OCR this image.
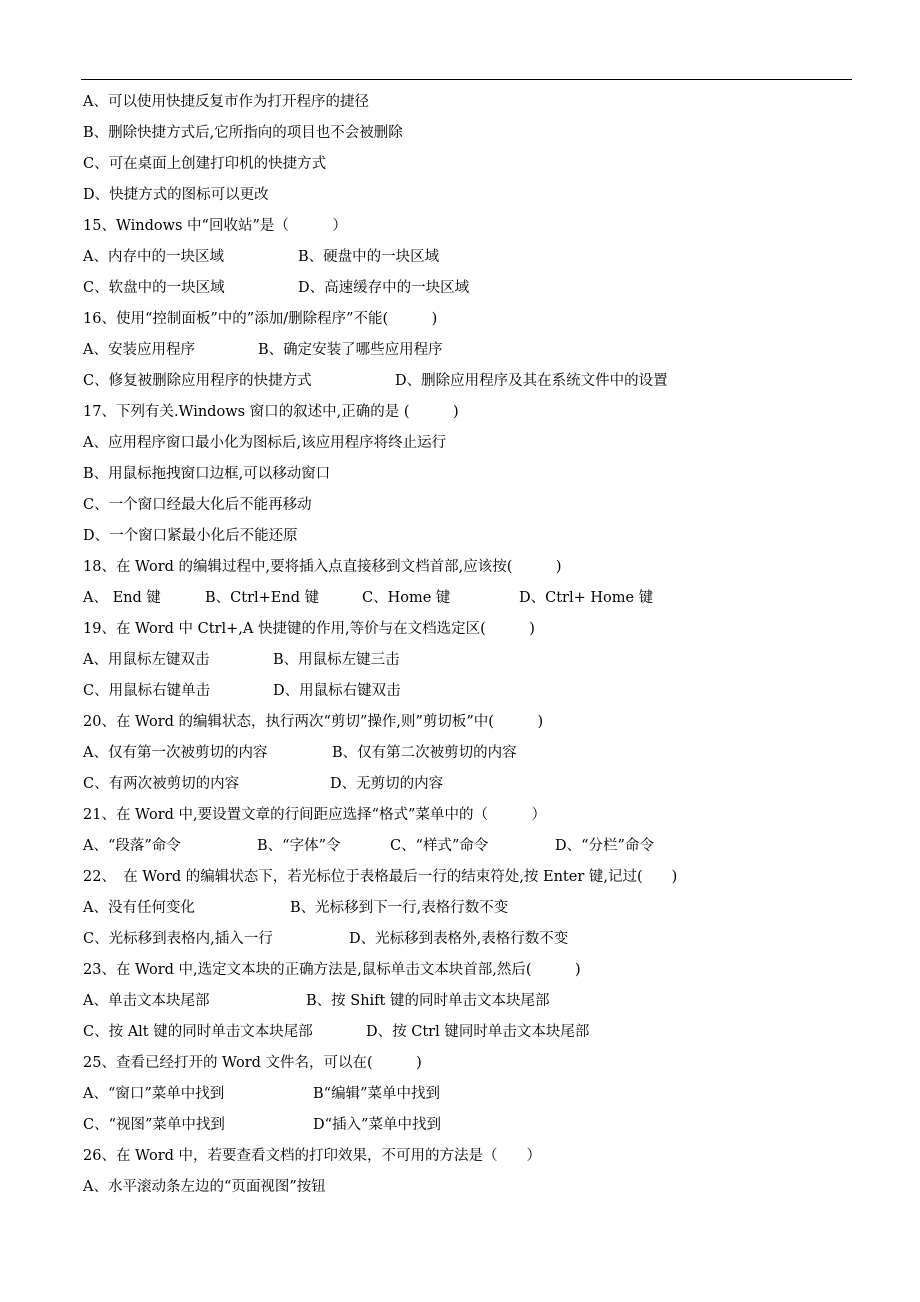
A、可以使用快捷反复市作为打开程序的捷径
B、删除快捷方式后,它所指向的项目也不会被删除
C、可在桌面上创建打印机的快捷方式
D、快捷方式的图标可以更改
15、Windows 中“回收站”是（　　　）
A、内存中的一块区域	B、硬盘中的一块区域
C、软盘中的一块区域	D、高速缓存中的一块区域
16、使用“控制面板”中的”添加/删除程序”不能(　　　)
A、安装应用程序	B、确定安装了哪些应用程序
C、修复被删除应用程序的快捷方式	D、删除应用程序及其在系统文件中的设置
17、下列有关.Windows 窗口的叙述中,正确的是 (　　　)
A、应用程序窗口最小化为图标后,该应用程序将终止运行
B、用鼠标拖拽窗口边框,可以移动窗口
C、一个窗口经最大化后不能再移动
D、一个窗口紧最小化后不能还原
18、在 Word 的编辑过程中,要将插入点直接移到文档首部,应该按(　　　)
A、 End 键	B、Ctrl+End 键	C、Home 键	D、Ctrl+ Home 键
19、在 Word 中 Ctrl+,A 快捷键的作用,等价与在文档选定区(　　　)
A、用鼠标左键双击	B、用鼠标左键三击
C、用鼠标右键单击	D、用鼠标右键双击
20、在 Word 的编辑状态，执行两次“剪切”操作,则”剪切板”中(　　　)
A、仅有第一次被剪切的内容	B、仅有第二次被剪切的内容
C、有两次被剪切的内容	D、无剪切的内容
21、在 Word 中,要设置文章的行间距应选择“格式”菜单中的（　　　）
A、“段落”命令	B、“字体”令	C、“样式”命令	D、“分栏”命令
22、　在 Word 的编辑状态下，若光标位于表格最后一行的结束符处,按 Enter 键,记过(　　)
A、没有任何变化	B、光标移到下一行,表格行数不变
C、光标移到表格内,插入一行	D、光标移到表格外,表格行数不变
23、在 Word 中,选定文本块的正确方法是,鼠标单击文本块首部,然后(　　　)
A、单击文本块尾部	B、按 Shift 键的同时单击文本块尾部
C、按 Alt 键的同时单击文本块尾部	D、按 Ctrl 键同时单击文本块尾部
25、查看已经打开的 Word 文件名，可以在(　　　)
A、“窗口”菜单中找到	B“编辑”菜单中找到
C、“视图”菜单中找到	D“插入”菜单中找到
26、在 Word 中，若要查看文档的打印效果，不可用的方法是（　　）
A、水平滚动条左边的“页面视图”按钮
